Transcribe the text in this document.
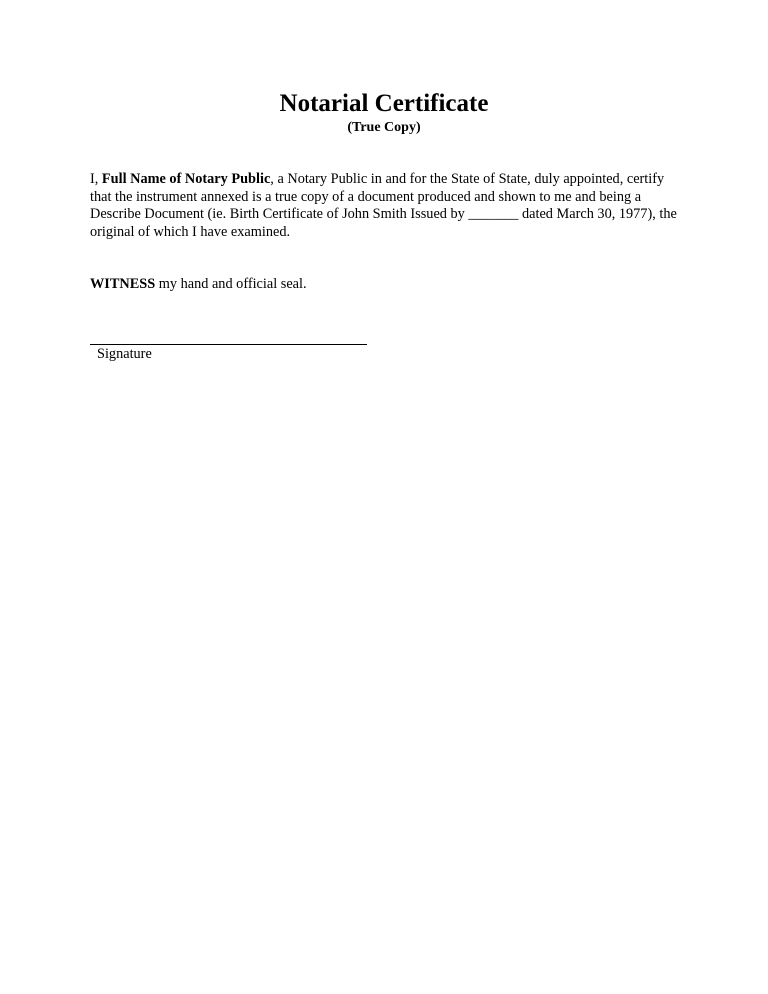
Notarial Certificate

(True Copy)

I, Full Name of Notary Public, a Notary Public in and for the State of State, duly appointed, certify that the instrument annexed is a true copy of a document produced and shown to me and being a Describe Document (ie. Birth Certificate of John Smith Issued by _______ dated March 30, 1977), the original of which I have examined.

WITNESS my hand and official seal.

Signature
